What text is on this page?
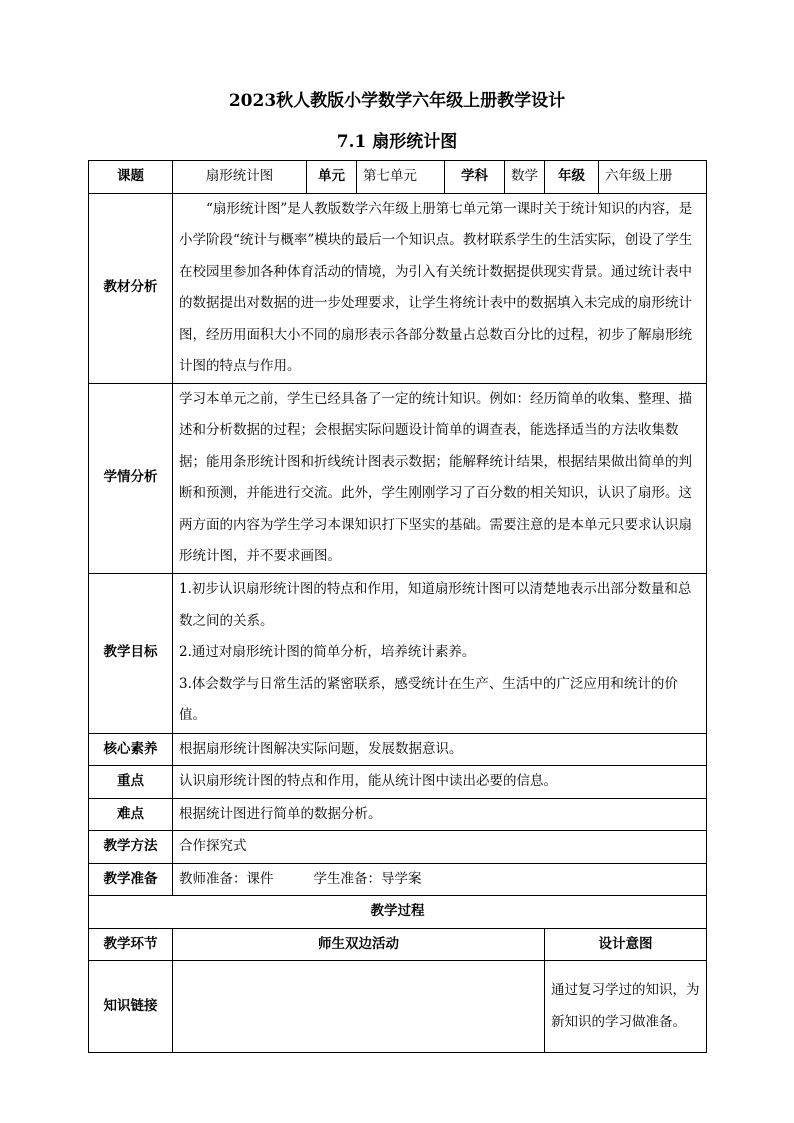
2023秋人教版小学数学六年级上册教学设计
7.1 扇形统计图
课题	扇形统计图	单元	第七单元	学科	数学	年级	六年级上册
教材分析	“扇形统计图”是人教版数学六年级上册第七单元第一课时关于统计知识的内容，是小学阶段“统计与概率”模块的最后一个知识点。教材联系学生的生活实际，创设了学生在校园里参加各种体育活动的情境，为引入有关统计数据提供现实背景。通过统计表中的数据提出对数据的进一步处理要求，让学生将统计表中的数据填入未完成的扇形统计图，经历用面积大小不同的扇形表示各部分数量占总数百分比的过程，初步了解扇形统计图的特点与作用。						

学情分析	学习本单元之前，学生已经具备了一定的统计知识。例如：经历简单的收集、整理、描述和分析数据的过程；会根据实际问题设计简单的调查表，能选择适当的方法收集数据；能用条形统计图和折线统计图表示数据；能解释统计结果，根据结果做出简单的判断和预测，并能进行交流。此外，学生刚刚学习了百分数的相关知识，认识了扇形。这两方面的内容为学生学习本课知识打下坚实的基础。需要注意的是本单元只要求认识扇形统计图，并不要求画图。						

教学目标	1.初步认识扇形统计图的特点和作用，知道扇形统计图可以清楚地表示出部分数量和总数之间的关系。

2.通过对扇形统计图的简单分析，培养统计素养。

3.体会数学与日常生活的紧密联系，感受统计在生产、生活中的广泛应用和统计的价值。						

核心素养	根据扇形统计图解决实际问题，发展数据意识。						
重点	认识扇形统计图的特点和作用，能从统计图中读出必要的信息。						
难点	根据统计图进行简单的数据分析。						
教学方法	合作探究式						
教学准备	教师准备：课件 学生准备：导学案						
教学过程							
教学环节	师生双边活动					设计意图	
知识链接						通过复习学过的知识，为新知识的学习做准备。	
